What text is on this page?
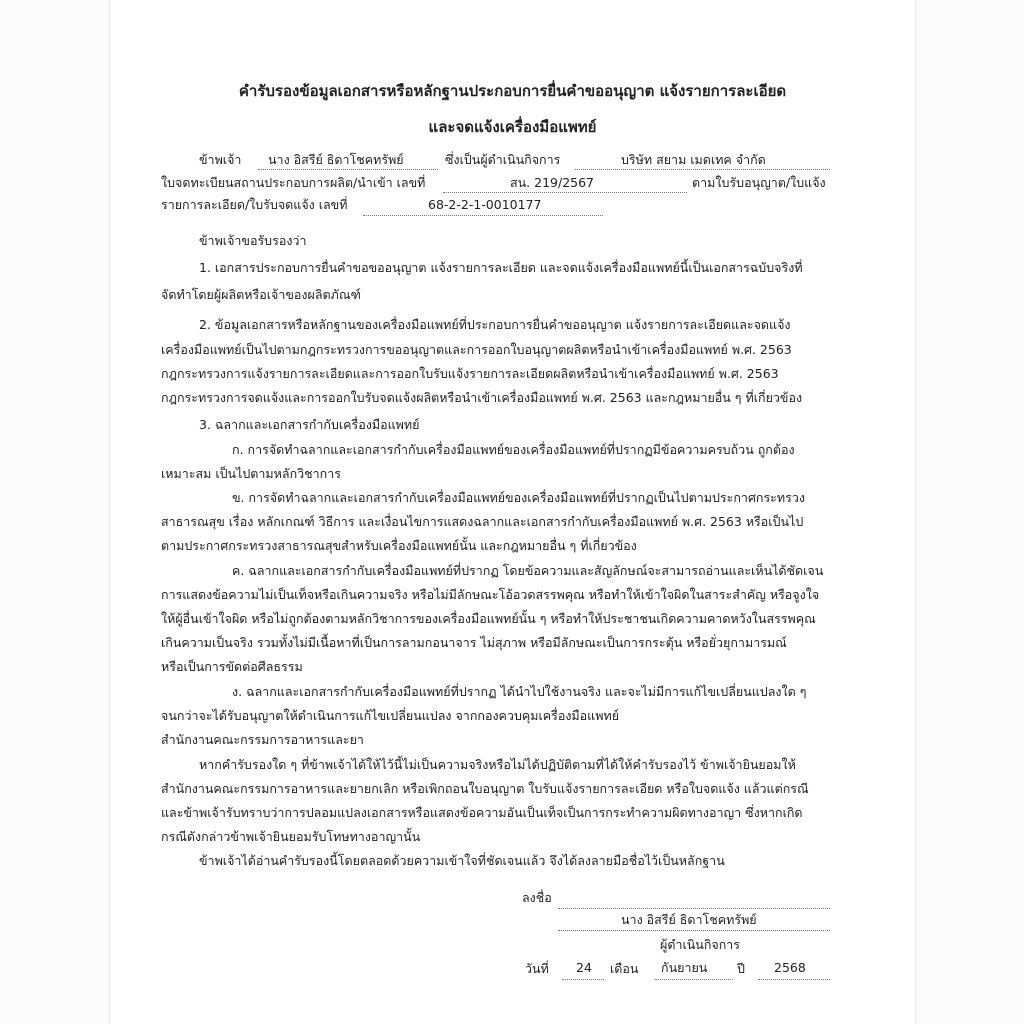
คำรับรองข้อมูลเอกสารหรือหลักฐานประกอบการยื่นคำขออนุญาต แจ้งรายการละเอียด
และจดแจ้งเครื่องมือแพทย์
ข้าพเจ้า นาง อิสรีย์ ธิดาโชคทรัพย์	ซึ่งเป็นผู้ดำเนินกิจการ	บริษัท สยาม เมดเทค จำกัด
ใบจดทะเบียนสถานประกอบการผลิต/นำเข้า เลขที่	สน. 219/2567	ตามใบรับอนุญาต/ใบแจ้ง
รายการละเอียด/ใบรับจดแจ้ง เลขที่	68-2-2-1-0010177
ข้าพเจ้าขอรับรองว่า
1. เอกสารประกอบการยื่นคำขอขออนุญาต แจ้งรายการละเอียด และจดแจ้งเครื่องมือแพทย์นี้เป็นเอกสารฉบับจริงที่
จัดทำโดยผู้ผลิตหรือเจ้าของผลิตภัณฑ์
2. ข้อมูลเอกสารหรือหลักฐานของเครื่องมือแพทย์ที่ประกอบการยื่นคำขออนุญาต แจ้งรายการละเอียดและจดแจ้ง
เครื่องมือแพทย์เป็นไปตามกฎกระทรวงการขออนุญาตและการออกใบอนุญาตผลิตหรือนำเข้าเครื่องมือแพทย์ พ.ศ. 2563
กฎกระทรวงการแจ้งรายการละเอียดและการออกใบรับแจ้งรายการละเอียดผลิตหรือนำเข้าเครื่องมือแพทย์ พ.ศ. 2563
กฎกระทรวงการจดแจ้งและการออกใบรับจดแจ้งผลิตหรือนำเข้าเครื่องมือแพทย์ พ.ศ. 2563 และกฎหมายอื่น ๆ ที่เกี่ยวข้อง
3. ฉลากและเอกสารกำกับเครื่องมือแพทย์
ก. การจัดทำฉลากและเอกสารกำกับเครื่องมือแพทย์ของเครื่องมือแพทย์ที่ปรากฏมีข้อความครบถ้วน ถูกต้อง
เหมาะสม เป็นไปตามหลักวิชาการ
ข. การจัดทำฉลากและเอกสารกำกับเครื่องมือแพทย์ของเครื่องมือแพทย์ที่ปรากฏเป็นไปตามประกาศกระทรวง
สาธารณสุข เรื่อง หลักเกณฑ์ วิธีการ และเงื่อนไขการแสดงฉลากและเอกสารกำกับเครื่องมือแพทย์ พ.ศ. 2563 หรือเป็นไป
ตามประกาศกระทรวงสาธารณสุขสำหรับเครื่องมือแพทย์นั้น และกฎหมายอื่น ๆ ที่เกี่ยวข้อง
ค. ฉลากและเอกสารกำกับเครื่องมือแพทย์ที่ปรากฏ โดยข้อความและสัญลักษณ์จะสามารถอ่านและเห็นได้ชัดเจน
การแสดงข้อความไม่เป็นเท็จหรือเกินความจริง หรือไม่มีลักษณะโอ้อวดสรรพคุณ หรือทำให้เข้าใจผิดในสาระสำคัญ หรือจูงใจ
ให้ผู้อื่นเข้าใจผิด หรือไม่ถูกต้องตามหลักวิชาการของเครื่องมือแพทย์นั้น ๆ หรือทำให้ประชาชนเกิดความคาดหวังในสรรพคุณ
เกินความเป็นจริง รวมทั้งไม่มีเนื้อหาที่เป็นการลามกอนาจาร ไม่สุภาพ หรือมีลักษณะเป็นการกระตุ้น หรือยั่วยุกามารมณ์
หรือเป็นการขัดต่อศีลธรรม
ง. ฉลากและเอกสารกำกับเครื่องมือแพทย์ที่ปรากฏ ได้นำไปใช้งานจริง และจะไม่มีการแก้ไขเปลี่ยนแปลงใด ๆ
จนกว่าจะได้รับอนุญาตให้ดำเนินการแก้ไขเปลี่ยนแปลง จากกองควบคุมเครื่องมือแพทย์
สำนักงานคณะกรรมการอาหารและยา
หากคำรับรองใด ๆ ที่ข้าพเจ้าได้ให้ไว้นี้ไม่เป็นความจริงหรือไม่ได้ปฏิบัติตามที่ได้ให้คำรับรองไว้ ข้าพเจ้ายินยอมให้
สำนักงานคณะกรรมการอาหารและยายกเลิก หรือเพิกถอนใบอนุญาต ใบรับแจ้งรายการละเอียด หรือใบจดแจ้ง แล้วแต่กรณี
และข้าพเจ้ารับทราบว่าการปลอมแปลงเอกสารหรือแสดงข้อความอันเป็นเท็จเป็นการกระทำความผิดทางอาญา ซึ่งหากเกิด
กรณีดังกล่าวข้าพเจ้ายินยอมรับโทษทางอาญานั้น
ข้าพเจ้าได้อ่านคำรับรองนี้โดยตลอดด้วยความเข้าใจที่ชัดเจนแล้ว จึงได้ลงลายมือชื่อไว้เป็นหลักฐาน
ลงชื่อ
นาง อิสรีย์ ธิดาโชคทรัพย์
ผู้ดำเนินกิจการ
วันที่ 24 เดือน กันยายน ปี 2568
